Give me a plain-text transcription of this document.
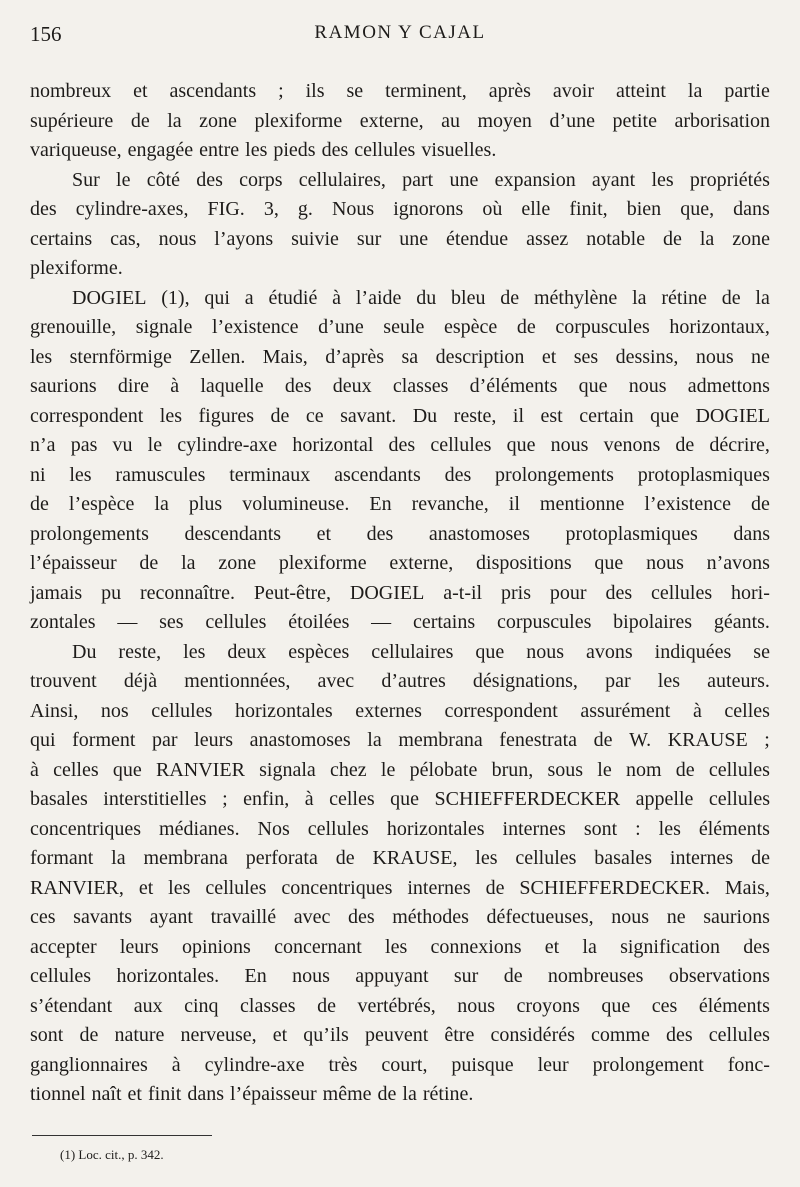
156	RAMON Y CAJAL
nombreux et ascendants ; ils se terminent, après avoir atteint la partie
supérieure de la zone plexiforme externe, au moyen d’une petite arborisation
variqueuse, engagée entre les pieds des cellules visuelles.
Sur le côté des corps cellulaires, part une expansion ayant les propriétés
des cylindre-axes, FIG. 3, g. Nous ignorons où elle finit, bien que, dans
certains cas, nous l’ayons suivie sur une étendue assez notable de la zone
plexiforme.
DOGIEL (1), qui a étudié à l’aide du bleu de méthylène la rétine de la
grenouille, signale l’existence d’une seule espèce de corpuscules horizontaux,
les sternförmige Zellen. Mais, d’après sa description et ses dessins, nous ne
saurions dire à laquelle des deux classes d’éléments que nous admettons
correspondent les figures de ce savant. Du reste, il est certain que DOGIEL
n’a pas vu le cylindre-axe horizontal des cellules que nous venons de décrire,
ni les ramuscules terminaux ascendants des prolongements protoplasmiques
de l’espèce la plus volumineuse. En revanche, il mentionne l’existence de
prolongements descendants et des anastomoses protoplasmiques dans
l’épaisseur de la zone plexiforme externe, dispositions que nous n’avons
jamais pu reconnaître. Peut-être, DOGIEL a-t-il pris pour des cellules hori-
zontales — ses cellules étoilées — certains corpuscules bipolaires géants.
Du reste, les deux espèces cellulaires que nous avons indiquées se
trouvent déjà mentionnées, avec d’autres désignations, par les auteurs.
Ainsi, nos cellules horizontales externes correspondent assurément à celles
qui forment par leurs anastomoses la membrana fenestrata de W. KRAUSE ;
à celles que RANVIER signala chez le pélobate brun, sous le nom de cellules
basales interstitielles ; enfin, à celles que SCHIEFFERDECKER appelle cellules
concentriques médianes. Nos cellules horizontales internes sont : les éléments
formant la membrana perforata de KRAUSE, les cellules basales internes de
RANVIER, et les cellules concentriques internes de SCHIEFFERDECKER. Mais,
ces savants ayant travaillé avec des méthodes défectueuses, nous ne saurions
accepter leurs opinions concernant les connexions et la signification des
cellules horizontales. En nous appuyant sur de nombreuses observations
s’étendant aux cinq classes de vertébrés, nous croyons que ces éléments
sont de nature nerveuse, et qu’ils peuvent être considérés comme des cellules
ganglionnaires à cylindre-axe très court, puisque leur prolongement fonc-
tionnel naît et finit dans l’épaisseur même de la rétine.
(1) Loc. cit., p. 342.
